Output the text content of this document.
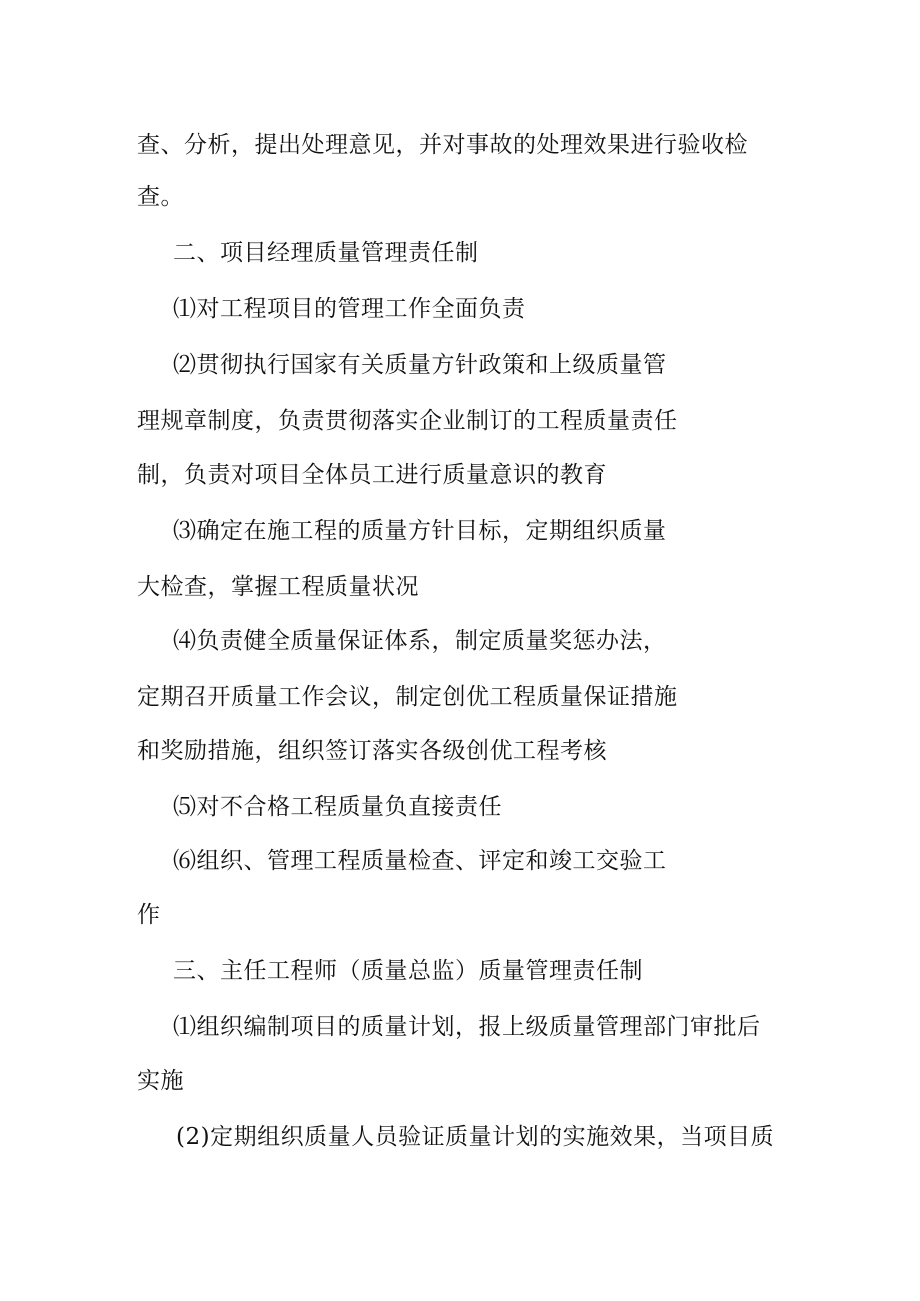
查、分析，提出处理意见，并对事故的处理效果进行验收检
查。
二、项目经理质量管理责任制
⑴对工程项目的管理工作全面负责
⑵贯彻执行国家有关质量方针政策和上级质量管
理规章制度，负责贯彻落实企业制订的工程质量责任
制，负责对项目全体员工进行质量意识的教育
⑶确定在施工程的质量方针目标，定期组织质量
大检查，掌握工程质量状况
⑷负责健全质量保证体系，制定质量奖惩办法，
定期召开质量工作会议，制定创优工程质量保证措施
和奖励措施，组织签订落实各级创优工程考核
⑸对不合格工程质量负直接责任
⑹组织、管理工程质量检查、评定和竣工交验工
作
三、主任工程师（质量总监）质量管理责任制
⑴组织编制项目的质量计划，报上级质量管理部门审批后
实施
(2)定期组织质量人员验证质量计划的实施效果，当项目质
